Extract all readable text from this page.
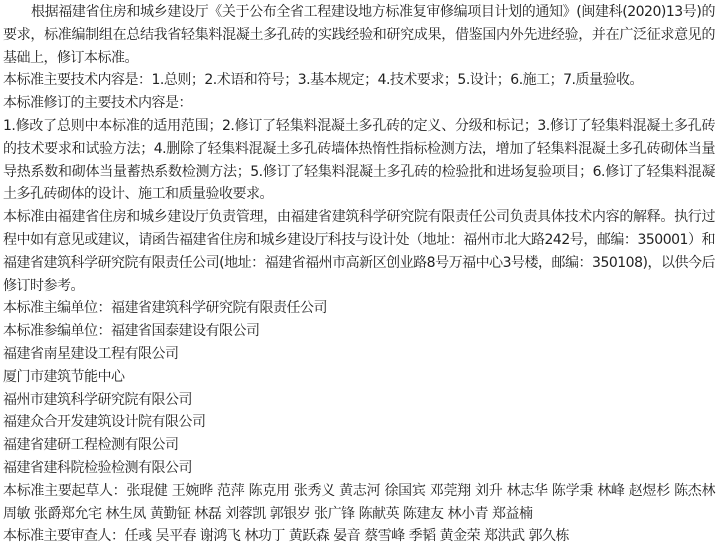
根据福建省住房和城乡建设厅《关于公布全省工程建设地方标准复审修编项目计划的通知》(闽建科(2020)13号)的要求，标准编制组在总结我省轻集料混凝土多孔砖的实践经验和研究成果，借鉴国内外先进经验，并在广泛征求意见的基础上，修订本标准。

本标准主要技术内容是：1.总则；2.术语和符号；3.基本规定；4.技术要求；5.设计；6.施工；7.质量验收。

本标准修订的主要技术内容是：

1.修改了总则中本标准的适用范围；2.修订了轻集料混凝土多孔砖的定义、分级和标记；3.修订了轻集料混凝土多孔砖的技术要求和试验方法；4.删除了轻集料混凝土多孔砖墙体热惰性指标检测方法，增加了轻集料混凝土多孔砖砌体当量导热系数和砌体当量蓄热系数检测方法；5.修订了轻集料混凝土多孔砖的检验批和进场复验项目；6.修订了轻集料混凝土多孔砖砌体的设计、施工和质量验收要求。

本标准由福建省住房和城乡建设厅负责管理，由福建省建筑科学研究院有限责任公司负责具体技术内容的解释。执行过程中如有意见或建议，请函告福建省住房和城乡建设厅科技与设计处（地址：福州市北大路242号，邮编：350001）和福建省建筑科学研究院有限责任公司(地址：福建省福州市高新区创业路8号万福中心3号楼，邮编：350108)，以供今后修订时参考。

本标准主编单位：福建省建筑科学研究院有限责任公司

本标准参编单位：福建省国泰建设有限公司

福建省南星建设工程有限公司

厦门市建筑节能中心

福州市建筑科学研究院有限公司

福建众合开发建筑设计院有限公司

福建省建研工程检测有限公司

福建省建科院检验检测有限公司

本标准主要起草人：张琨健 王婉晔 范萍 陈克用 张秀义 黄志河 徐国宾 邓莞翔 刘升 林志华 陈学秉 林峰 赵煜杉 陈杰林 周敏 张爵郑允宅 林生凤 黄勤钲 林磊 刘蓉凯 郭银岁 张广锋 陈献英 陈建友 林小青 郑益楠

本标准主要审查人：任彧 吴平春 谢鸿飞 林功丁 黄跃森 晏音 蔡雪峰 季韬 黄金荣 郑洪武 郭久栋
